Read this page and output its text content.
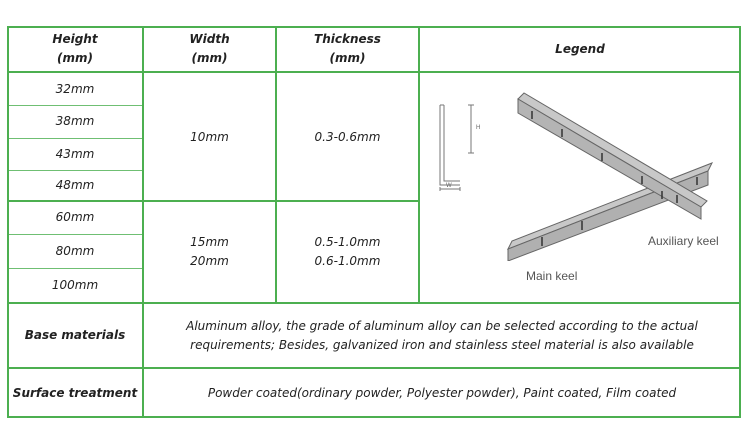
Height
(mm)
Width
(mm)
Thickness
(mm)
Legend
32mm
38mm
43mm
48mm
60mm
80mm
100mm
10mm	0.3-0.6mm
15mm
20mm
0.5-1.0mm
0.6-1.0mm
H
W
Auxiliary keel
Main keel
Base materials
Aluminum alloy, the grade of aluminum alloy can be selected according to the actual
requirements; Besides, galvanized iron and stainless steel material is also available
Surface treatment	Powder coated(ordinary powder, Polyester powder), Paint coated, Film coated
